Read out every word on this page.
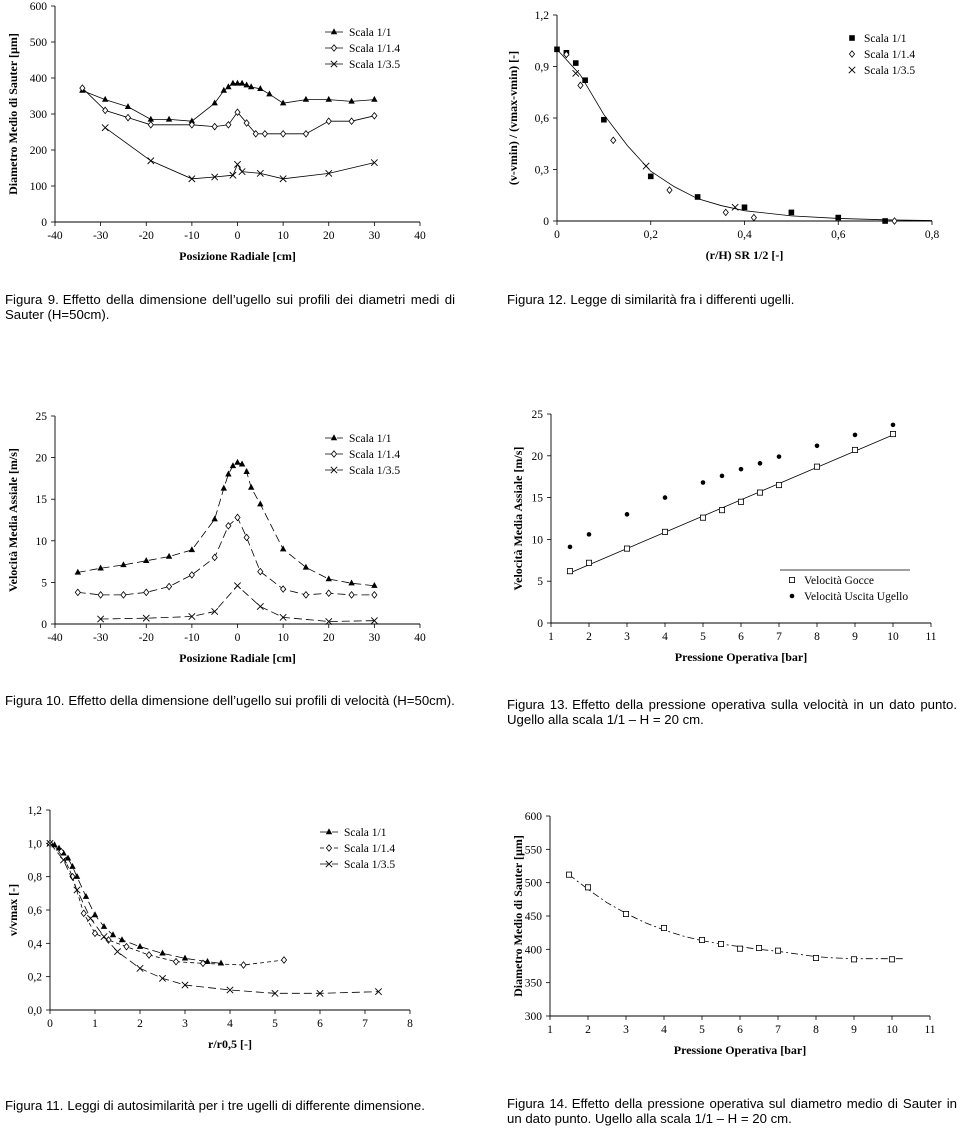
-40	-30	-20	-10	0	10	20	30	40
0
100
200
300
400
500
600
Posizione Radiale [cm]
Diametro Medio di Sauter [µm]
Scala 1/1
Scala 1/1.4
Scala 1/3.5
0	0,2	0,4	0,6	0,8
0
0,3
0,6
0,9
1,2
(r/H) SR 1/2 [-]
(v-vmin) / (vmax-vmin) [-]
Scala 1/1
Scala 1/1.4
Scala 1/3.5
-40	-30	-20	-10	0	10	20	30	40
0
5
10
15
20
25
Posizione Radiale [cm]
Velocità Media Assiale [m/s]
Scala 1/1
Scala 1/1.4
Scala 1/3.5
1	2	3	4	5	6	7	8	9	10 11
0
5
10
15
20
25
Pressione Operativa [bar]
Velocità Media Assiale [m/s]	Velocità Gocce
Velocità Uscita Ugello
0	1	2	3	4	5	6	7	8
0,0
0,2
0,4
0,6
0,8
1,0
1,2
r/r0,5 [-]
v/vmax [-]
Scala 1/1
Scala 1/1.4
Scala 1/3.5
1	2	3	4	5	6	7	8	9	10 11
300
350
400
450
500
550
600
Pressione Operativa [bar]
Diametro Medio di Sauter [µm]
Figura 9. Effetto della dimensione dell’ugello sui profili dei diametri medi di Sauter (H=50cm).
Figura 12. Legge di similarità fra i differenti ugelli.
Figura 10. Effetto della dimensione dell’ugello sui profili di velocità (H=50cm).	Figura 13. Effetto della pressione operativa sulla velocità in un dato punto. Ugello alla scala 1/1 – H = 20 cm.
Figura 11. Leggi di autosimilarità per i tre ugelli di differente dimensione.	Figura 14. Effetto della pressione operativa sul diametro medio di Sauter in un dato punto. Ugello alla scala 1/1 – H = 20 cm.
